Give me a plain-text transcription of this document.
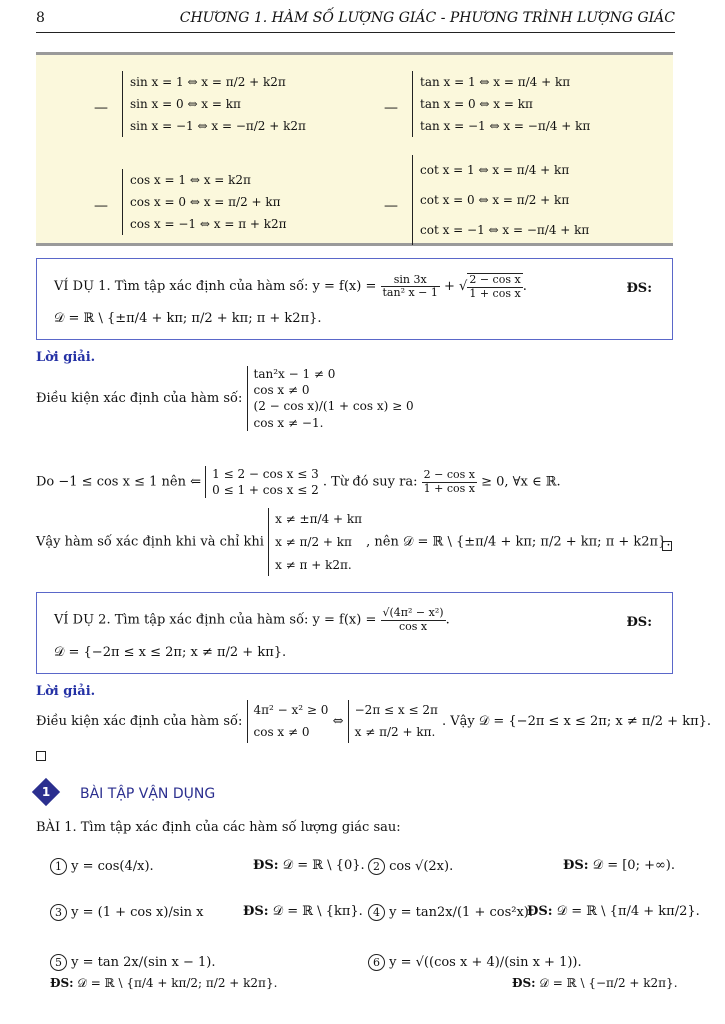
8	CHƯƠNG 1. HÀM SỐ LƯỢNG GIÁC - PHƯƠNG TRÌNH LƯỢNG GIÁC
—
sin x = 1 ⇔ x = π/2 + k2π
sin x = 0 ⇔ x = kπ
sin x = −1 ⇔ x = −π/2 + k2π
—
tan x = 1 ⇔ x = π/4 + kπ
tan x = 0 ⇔ x = kπ
tan x = −1 ⇔ x = −π/4 + kπ
—
cos x = 1 ⇔ x = k2π
cos x = 0 ⇔ x = π/2 + kπ
cos x = −1 ⇔ x = π + k2π
—
cot x = 1 ⇔ x = π/4 + kπ
cot x = 0 ⇔ x = π/2 + kπ
cot x = −1 ⇔ x = −π/4 + kπ
VÍ DỤ 1. Tìm tập xác định của hàm số: $y = f(x) = \frac{\sin 3x}{\text{tan² x − 1}}$ + √ $\frac{\text{2 − cos x}}{\text{1 + cos x}}$ .	ĐS:
𝒟 = ℝ \ {±π/4 + kπ; π/2 + kπ; π + k2π}.
Lời giải.
Điều kiện xác định của hàm số:
tan²x − 1 ≠ 0
cos x ≠ 0
(2 − cos x)/(1 + cos x) ≥ 0
cos x ≠ −1.
Do −1 ≤ cos x ≤ 1 nên ⇐
1 ≤ 2 − cos x ≤ 3
0 ≤ 1 + cos x ≤ 2
. Từ đó suy ra: $\frac{\text{2 − cos x}}{\text{1 + cos x}} \ge 0$, ∀x ∈ ℝ.
Vậy hàm số xác định khi và chỉ khi
x ≠ ±π/4 + kπ
x ≠ π/2 + kπ
x ≠ π + k2π.
, nên 𝒟 = ℝ \ {±π/4 + kπ; π/2 + kπ; π + k2π}.
VÍ DỤ 2. Tìm tập xác định của hàm số: $y = f(x) = \frac{\text{√(4π² − x²)}}{\text{cos x}}$ .	ĐS:
𝒟 = {−2π ≤ x ≤ 2π; x ≠ π/2 + kπ}.
Lời giải.
Điều kiện xác định của hàm số:
4π² − x² ≥ 0
cos x ≠ 0
⇔
−2π ≤ x ≤ 2π
x ≠ π/2 + kπ.
. Vậy 𝒟 = {−2π ≤ x ≤ 2π; x ≠ π/2 + kπ}.
1	BÀI TẬP VẬN DỤNG
BÀI 1. Tìm tập xác định của các hàm số lượng giác sau:
1 y = cos(4/x).	ĐS: 𝒟 = ℝ \ {0}. 2 cos √(2x).	ĐS: 𝒟 = [0; +∞).
3 y = (1 + cos x)/sin x	ĐS: 𝒟 = ℝ \ {kπ}. 4 y = tan2x/(1 + cos²x).
ĐS: 𝒟 = ℝ \ {π/4 + kπ/2}.
5 y = tan 2x/(sin x − 1).
ĐS: 𝒟 = ℝ \ {π/4 + kπ/2; π/2 + k2π}.
6 y = √((cos x + 4)/(sin x + 1)).
ĐS: 𝒟 = ℝ \ {−π/2 + k2π}.
